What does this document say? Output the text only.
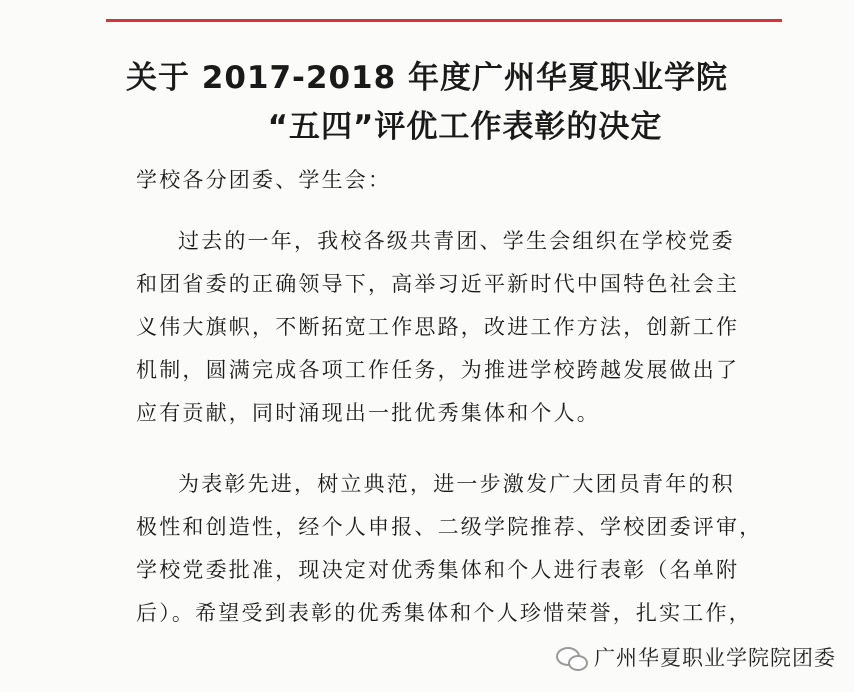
关于 2017-2018 年度广州华夏职业学院
“五四”评优工作表彰的决定
学校各分团委、学生会：
过去的一年，我校各级共青团、学生会组织在学校党委
和团省委的正确领导下，高举习近平新时代中国特色社会主
义伟大旗帜，不断拓宽工作思路，改进工作方法，创新工作
机制，圆满完成各项工作任务，为推进学校跨越发展做出了
应有贡献，同时涌现出一批优秀集体和个人。
为表彰先进，树立典范，进一步激发广大团员青年的积
极性和创造性，经个人申报、二级学院推荐、学校团委评审，
学校党委批准，现决定对优秀集体和个人进行表彰（名单附
后）。希望受到表彰的优秀集体和个人珍惜荣誉，扎实工作，
广州华夏职业学院院团委
